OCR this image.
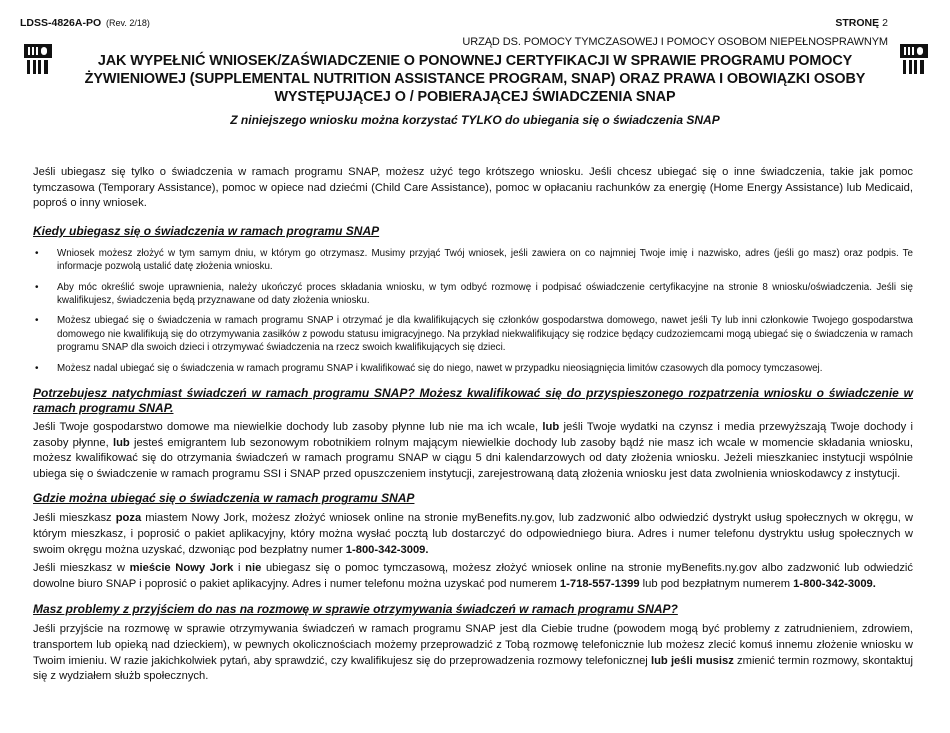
LDSS-4826A-PO (Rev. 2/18)	STRONĘ 2
URZĄD DS. POMOCY TYMCZASOWEJ I POMOCY OSOBOM NIEPEŁNOSPRAWNYM
JAK WYPEŁNIĆ WNIOSEK/ZAŚWIADCZENIE O PONOWNEJ CERTYFIKACJI W SPRAWIE PROGRAMU POMOCY ŻYWIENIOWEJ (SUPPLEMENTAL NUTRITION ASSISTANCE PROGRAM, SNAP) ORAZ PRAWA I OBOWIĄZKI OSOBY WYSTĘPUJĄCEJ O / POBIERAJĄCEJ ŚWIADCZENIA SNAP
Z niniejszego wniosku można korzystać TYLKO do ubiegania się o świadczenia SNAP

Jeśli ubiegasz się tylko o świadczenia w ramach programu SNAP, możesz użyć tego krótszego wniosku. Jeśli chcesz ubiegać się o inne świadczenia, takie jak pomoc tymczasowa (Temporary Assistance), pomoc w opiece nad dziećmi (Child Care Assistance), pomoc w opłacaniu rachunków za energię (Home Energy Assistance) lub Medicaid, poproś o inny wniosek.

Kiedy ubiegasz się o świadczenia w ramach programu SNAP
• Wniosek możesz złożyć w tym samym dniu, w którym go otrzymasz. Musimy przyjąć Twój wniosek, jeśli zawiera on co najmniej Twoje imię i nazwisko, adres (jeśli go masz) oraz podpis. Te informacje pozwolą ustalić datę złożenia wniosku.
• Aby móc określić swoje uprawnienia, należy ukończyć proces składania wniosku, w tym odbyć rozmowę i podpisać oświadczenie certyfikacyjne na stronie 8 wniosku/oświadczenia. Jeśli się kwalifikujesz, świadczenia będą przyznawane od daty złożenia wniosku.
• Możesz ubiegać się o świadczenia w ramach programu SNAP i otrzymać je dla kwalifikujących się członków gospodarstwa domowego, nawet jeśli Ty lub inni członkowie Twojego gospodarstwa domowego nie kwalifikują się do otrzymywania zasiłków z powodu statusu imigracyjnego. Na przykład niekwalifikujący się rodzice będący cudzoziemcami mogą ubiegać się o świadczenia w ramach programu SNAP dla swoich dzieci i otrzymywać świadczenia na rzecz swoich kwalifikujących się dzieci.
• Możesz nadal ubiegać się o świadczenia w ramach programu SNAP i kwalifikować się do niego, nawet w przypadku nieosiągnięcia limitów czasowych dla pomocy tymczasowej.
Potrzebujesz natychmiast świadczeń w ramach programu SNAP? Możesz kwalifikować się do przyspieszonego rozpatrzenia wniosku o świadczenie w ramach programu SNAP.

Jeśli Twoje gospodarstwo domowe ma niewielkie dochody lub zasoby płynne lub nie ma ich wcale, lub jeśli Twoje wydatki na czynsz i media przewyższają Twoje dochody i zasoby płynne, lub jesteś emigrantem lub sezonowym robotnikiem rolnym mającym niewielkie dochody lub zasoby bądź nie masz ich wcale w momencie składania wniosku, możesz kwalifikować się do otrzymania świadczeń w ramach programu SNAP w ciągu 5 dni kalendarzowych od daty złożenia wniosku. Jeżeli mieszkaniec instytucji wspólnie ubiega się o świadczenie w ramach programu SSI i SNAP przed opuszczeniem instytucji, zarejestrowaną datą złożenia wniosku jest data zwolnienia wnioskodawcy z instytucji.

Gdzie można ubiegać się o świadczenia w ramach programu SNAP

Jeśli mieszkasz poza miastem Nowy Jork, możesz złożyć wniosek online na stronie myBenefits.ny.gov, lub zadzwonić albo odwiedzić dystrykt usług społecznych w okręgu, w którym mieszkasz, i poprosić o pakiet aplikacyjny, który można wysłać pocztą lub dostarczyć do odpowiedniego biura. Adres i numer telefonu dystryktu usług społecznych w swoim okręgu można uzyskać, dzwoniąc pod bezpłatny numer 1-800-342-3009.

Jeśli mieszkasz w mieście Nowy Jork i nie ubiegasz się o pomoc tymczasową, możesz złożyć wniosek online na stronie myBenefits.ny.gov albo zadzwonić lub odwiedzić dowolne biuro SNAP i poprosić o pakiet aplikacyjny. Adres i numer telefonu można uzyskać pod numerem 1-718-557-1399 lub pod bezpłatnym numerem 1-800-342-3009.

Masz problemy z przyjściem do nas na rozmowę w sprawie otrzymywania świadczeń w ramach programu SNAP?

Jeśli przyjście na rozmowę w sprawie otrzymywania świadczeń w ramach programu SNAP jest dla Ciebie trudne (powodem mogą być problemy z zatrudnieniem, zdrowiem, transportem lub opieką nad dzieckiem), w pewnych okolicznościach możemy przeprowadzić z Tobą rozmowę telefonicznie lub możesz zlecić komuś innemu złożenie wniosku w Twoim imieniu. W razie jakichkolwiek pytań, aby sprawdzić, czy kwalifikujesz się do przeprowadzenia rozmowy telefonicznej lub jeśli musisz zmienić termin rozmowy, skontaktuj się z wydziałem służb społecznych.
